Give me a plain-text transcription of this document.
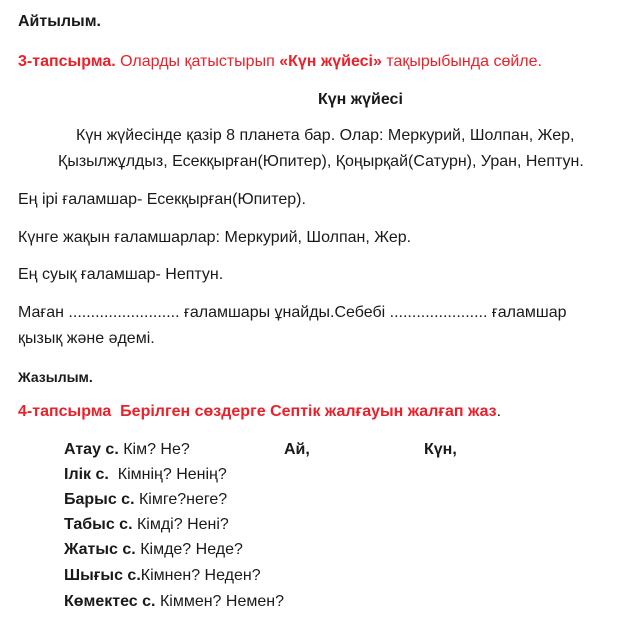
Айтылым.
3-тапсырма. Оларды қатыстырып «Күн жүйесі» тақырыбында сөйле.
Күн жүйесі
Күн жүйесінде қазір 8 планета бар. Олар: Меркурий, Шолпан, Жер,
Қызылжұлдыз, Есекқырған(Юпитер), Қоңырқай(Сатурн), Уран, Нептун.
Ең ірі ғаламшар- Есекқырған(Юпитер).
Күнге жақын ғаламшарлар: Меркурий, Шолпан, Жер.
Ең суық ғаламшар- Нептун.
Маған ......................... ғаламшары ұнайды.Себебі ...................... ғаламшар
қызық және әдемі.
Жазылым.
4-тапсырма  Берілген сөздерге Септік жалғауын жалғап жаз.
Атау с. Кім? Не?	Ай,	Күн,
Ілік с.  Кімнің? Ненің?
Барыс с. Кімге?неге?
Табыс с. Кімді? Нені?
Жатыс с. Кімде? Неде?
Шығыс с.Кімнен? Неден?
Көмектес с. Кіммен? Немен?
